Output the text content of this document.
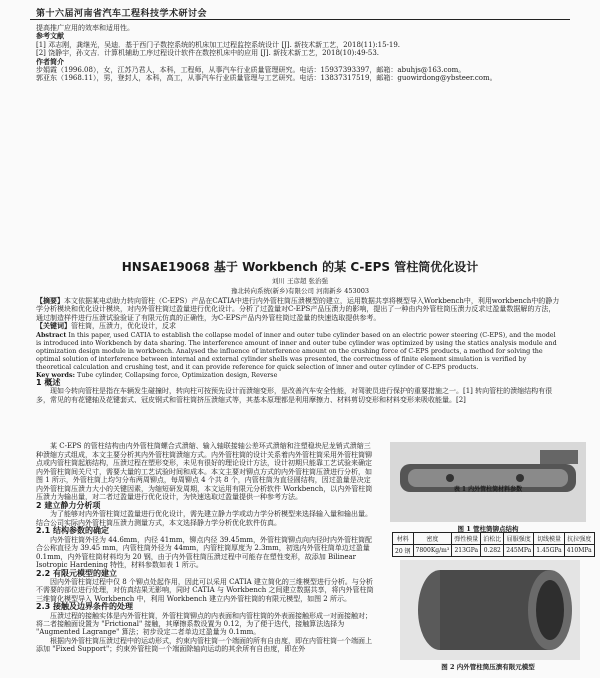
第十六届河南省汽车工程科技学术研讨会

提高推广应用的效率和适用性。

参考文献

[1] 邓志刚，龚继光，吴迪．基于西门子数控系统的机床加工过程监控系统设计 [J]. 新技术新工艺，2018(11):15-19.

[2] 饶静宇，孙文吉．计算机辅助工序过程设计软件在数控机床中的应用 [J]. 新技术新工艺，2018(10):49-53.

作者简介

步娟霞（1996.08），女，江苏乃君人，本科，工程师，从事汽车行业质量管理研究。电话：15937393397，邮箱：abuhjs@163.com。

郭亚东（1968.11），男，登封人，本科，高工，从事汽车行业质量管理与工艺研究。电话：13837317519，邮箱：guowirdong@ybsteer.com。

HNSAE19068 基于 Workbench 的某 C-EPS 管柱筒优化设计
刘川 王彦超 张治强
豫北转向系统(新乡)有限公司 河南新乡 453003

【摘要】本文依据某电动助力转向管柱（C-EPS）产品在CATIA中进行内外管柱筒压溃模型的建立，运用数据共享将模型导入Workbench中，利用workbench中的静力学分析模块和优化设计模块，对内外管柱筒过盈量进行优化设计。分析了过盈量对C-EPS产品压溃力的影响，提出了一种由内外管柱筒压溃力反求过盈量数据解的方法，通过制造样件进行压溃试验验证了有限元仿真的正确性，为C-EPS产品内外管柱筒过盈量的快速选取提供参考。

【关键词】管柱筒，压溃力，优化设计，反求

Abstract In this paper, used CATIA to establish the collapse model of inner and outer tube cylinder based on an electric power steering (C-EPS), and the model is introduced into Workbench by data sharing. The interference amount of inner and outer tube cylinder was optimized by using the statics analysis module and optimization design module in workbench. Analysed the influence of interference amount on the crushing force of C-EPS products, a method for solving the optimal solution of interference between internal and external cylinder shells was presented, the correctness of finite element simulation is verified by theoretical calculation and crushing test, and it can provide reference for quick selection of inner and outer cylinder of C-EPS products.

Key words: Tube cylinder, Collapsing force, Optimization design, Reverse

1 概述

现如今转向管柱是指在车辆发生碰撞时，转向柱可按预先设计而溃缩变形，是改善汽车安全性能，对驾驶员进行保护的重要措施之一。[1] 转向管柱的溃缩结构有很多，常见的有花键轴及花键套式、冠皮钢式和管柱筒挤压溃缩式等，其基本原理都是利用摩擦力、材料剪切变形和材料变形来吸收能量。[2]

某 C-EPS 的管柱结构由内外管柱筒螺合式溃缩、输入轴联接轴公差环式溃缩和注塑稳块尼龙销式溃缩三种溃缩方式组成，本文主要分析其内外管柱筒溃缩方式。内外管柱筒的设计关系着内外管柱筒采用外管柱筒铆点或内管柱筒起筋结构，压溃过程在塑形变形，未见有很好的理论设计方法，设计初期只能靠工艺试验来确定内外管柱筒间关尺寸，需要大量的工艺试验时间和成本。本文主要对铆点方式的内外管柱筒压溃进行分析，如图 1 所示，外管柱筒上均匀分布两周铆点，每周铆点 4 个共 8 个，内管柱筒为直径圆结构，因过盈量是决定内外管柱筒压溃力大小的关键因素，为缩短研发周期，本文运用有限元分析软件 Workbench，以内外管柱筒压溃力为输出量，对二者过盈量进行优化设计，为快速选取过盈量提供一种参考方法。

2 建立静力分析项

为了能够对内外管柱筒过盈量进行优化设计，需先建立静力学或动力学分析模型来选择输入量和输出量。结合公司实际内外管柱筒压溃力测量方式，本文选择静力学分析优化软件仿真。

2.1 结构参数的确定

内外管柱筒外径为 44.6mm，内径 41mm，铆点内径 39.45mm，外管柱筒铆点向内径时内外管柱筒配合公称直径为 39.45 mm，内管柱筒外径为 44mm，内管柱筒厚度为 2.3mm，初选内外管柱筒单边过盈量 0.1mm，内外管柱筒材料均为 20 钢，由于内外管柱筒压溃过程中可能存在塑性变形，故添加 Bilinear Isotropic Hardening 特性，材料参数如表 1 所示。

2.2 有限元模型的建立

因内外管柱筒过程中仅 8 个铆点处起作用，因此可以采用 CATIA 建立简化的三维模型进行分析。与分析不需要的部位进行处理，对仿真结果无影响，同时 CATIA 与 Workbench 之间建立数据共享，将内外管柱筒三维简化模型导入 Workbench 中，利用 Workbench 建立内外管柱筒的有限元模型，如图 2 所示。

2.3 接触及边界条件的处理

压溃过程的接触实体是内外管柱筒，外管柱筒铆点的内表面和内管柱筒的外表面接触形成一对面接触对；将二者接触面设置为 "Frictional" 接触，其摩擦系数设置为 0.12，为了便于迭代，接触算法选择为 "Augmented Lagrange" 算法；初步设定二者单边过盈量为 0.1mm。

根据内外管柱筒压溃过程中的运动形式，约束内管柱筒一个端面的所有自由度，即在内管柱筒一个端面上添加 "Fixed Support"；约束外管柱筒一个端面除轴向运动的其余所有自由度，即在外

图 1 管柱筒铆点结构
表 1 内外管柱筒材料参数
材料	密度	弹性模量	泊松比	屈服强度	切线模量	抗拉强度
20 钢	7800Kg/m³	213GPa	0.282	245MPa	1.45GPa	410MPa
图 2 内外管柱筒压溃有限元模型
